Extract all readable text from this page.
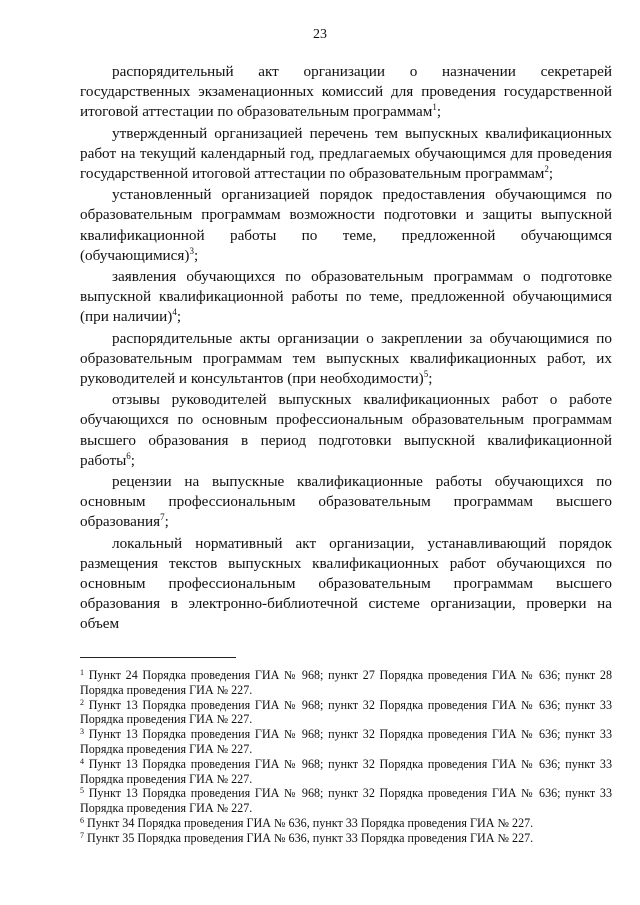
23

распорядительный акт организации о назначении секретарей государственных экзаменационных комиссий для проведения государственной итоговой аттестации по образовательным программам$^1$;

утвержденный организацией перечень тем выпускных квалификационных работ на текущий календарный год, предлагаемых обучающимся для проведения государственной итоговой аттестации по образовательным программам$^2$;

установленный организацией порядок предоставления обучающимся по образовательным программам возможности подготовки и защиты выпускной квалификационной работы по теме, предложенной обучающимся (обучающимися)$^3$;

заявления обучающихся по образовательным программам о подготовке выпускной квалификационной работы по теме, предложенной обучающимися (при наличии)$^4$;

распорядительные акты организации о закреплении за обучающимися по образовательным программам тем выпускных квалификационных работ, их руководителей и консультантов (при необходимости)$^5$;

отзывы руководителей выпускных квалификационных работ о работе обучающихся по основным профессиональным образовательным программам высшего образования в период подготовки выпускной квалификационной работы$^6$;

рецензии на выпускные квалификационные работы обучающихся по основным профессиональным образовательным программам высшего образования$^7$;

локальный нормативный акт организации, устанавливающий порядок размещения текстов выпускных квалификационных работ обучающихся по основным профессиональным образовательным программам высшего образования в электронно-библиотечной системе организации, проверки на объем

$^1$ Пункт 24 Порядка проведения ГИА № 968; пункт 27 Порядка проведения ГИА № 636; пункт 28 Порядка проведения ГИА № 227.

$^2$ Пункт 13 Порядка проведения ГИА № 968; пункт 32 Порядка проведения ГИА № 636; пункт 33 Порядка проведения ГИА № 227.

$^3$ Пункт 13 Порядка проведения ГИА № 968; пункт 32 Порядка проведения ГИА № 636; пункт 33 Порядка проведения ГИА № 227.

$^4$ Пункт 13 Порядка проведения ГИА № 968; пункт 32 Порядка проведения ГИА № 636; пункт 33 Порядка проведения ГИА № 227.

$^5$ Пункт 13 Порядка проведения ГИА № 968; пункт 32 Порядка проведения ГИА № 636; пункт 33 Порядка проведения ГИА № 227.

$^6$ Пункт 34 Порядка проведения ГИА № 636, пункт 33 Порядка проведения ГИА № 227.

$^7$ Пункт 35 Порядка проведения ГИА № 636, пункт 33 Порядка проведения ГИА № 227.
